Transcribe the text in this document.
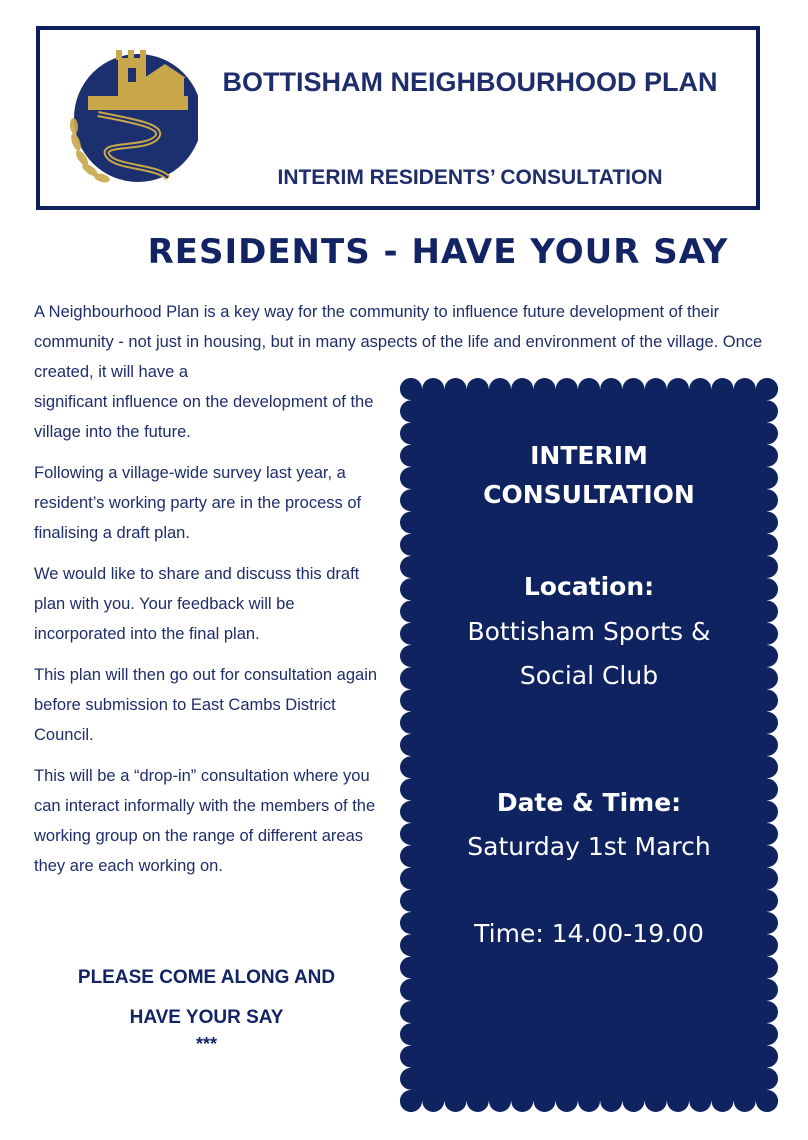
BOTTISHAM NEIGHBOURHOOD PLAN
INTERIM RESIDENTS’ CONSULTATION
RESIDENTS - HAVE YOUR SAY

A Neighbourhood Plan is a key way for the community to influence future development of their community - not just in housing, but in many aspects of the life and environment of the village. Once created, it will have a

significant influence on the development of the village into the future.

Following a village-wide survey last year, a resident’s working party are in the process of finalising a draft plan.

We would like to share and discuss this draft plan with you. Your feedback will be incorporated into the final plan.

This plan will then go out for consultation again before submission to East Cambs District Council.

This will be a “drop-in” consultation where you can interact informally with the members of the working group on the range of different areas they are each working on.

PLEASE COME ALONG AND
HAVE YOUR SAY
***
INTERIM
CONSULTATION
Location:
Bottisham Sports &
Social Club
Date & Time:
Saturday 1st March
Time: 14.00-19.00
